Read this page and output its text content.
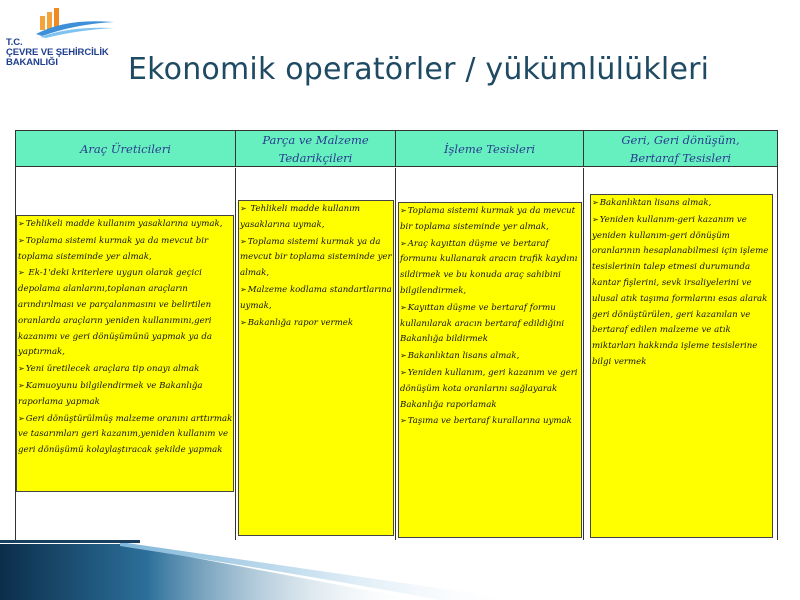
T.C.
ÇEVRE VE ŞEHİRCİLİK
BAKANLIĞI	Ekonomik operatörler / yükümlülükleri
Araç Üreticileri
Parça ve Malzeme
Tedarikçileri
İşleme Tesisleri
Geri, Geri dönüşüm,
Bertaraf Tesisleri
➢Tehlikeli madde kullanım yasaklarına uymak,
➢Toplama sistemi kurmak ya da mevcut bir toplama sisteminde yer almak,
➢ Ek-1'deki kriterlere uygun olarak geçici depolama alanlarını,toplanan araçların arındırılması ve parçalanmasını ve belirtilen oranlarda araçların yeniden kullanımını,geri kazanımı ve geri dönüşümünü yapmak ya da yaptırmak,
➢Yeni üretilecek araçlara tip onayı almak
➢Kamuoyunu bilgilendirmek ve Bakanlığa raporlama yapmak
➢Geri dönüştürülmüş malzeme oranını arttırmak ve tasarımları geri kazanım,yeniden kullanım ve geri dönüşümü kolaylaştıracak şekilde yapmak
➢ Tehlikeli madde kullanım yasaklarına uymak,
➢Toplama sistemi kurmak ya da mevcut bir toplama sisteminde yer almak,
➢Malzeme kodlama standartlarına uymak,
➢Bakanlığa rapor vermek
➢Toplama sistemi kurmak ya da mevcut bir toplama sisteminde yer almak,
➢Araç kayıttan düşme ve bertaraf formunu kullanarak aracın trafik kaydını sildirmek ve bu konuda araç sahibini bilgilendirmek,
➢Kayıttan düşme ve bertaraf formu kullanılarak aracın bertaraf edildiğini Bakanlığa bildirmek
➢Bakanlıktan lisans almak,
➢Yeniden kullanım, geri kazanım ve geri dönüşüm kota oranlarını sağlayarak Bakanlığa raporlamak
➢Taşıma ve bertaraf kurallarına uymak
➢Bakanlıktan lisans almak,
➢Yeniden kullanım-geri kazanım ve yeniden kullanım-geri dönüşüm oranlarının hesaplanabilmesi için işleme tesislerinin talep etmesi durumunda kantar fişlerini, sevk irsaliyelerini ve ulusal atık taşıma formlarını esas alarak geri dönüştürülen, geri kazanılan ve bertaraf edilen malzeme ve atık miktarları hakkında işleme tesislerine bilgi vermek
